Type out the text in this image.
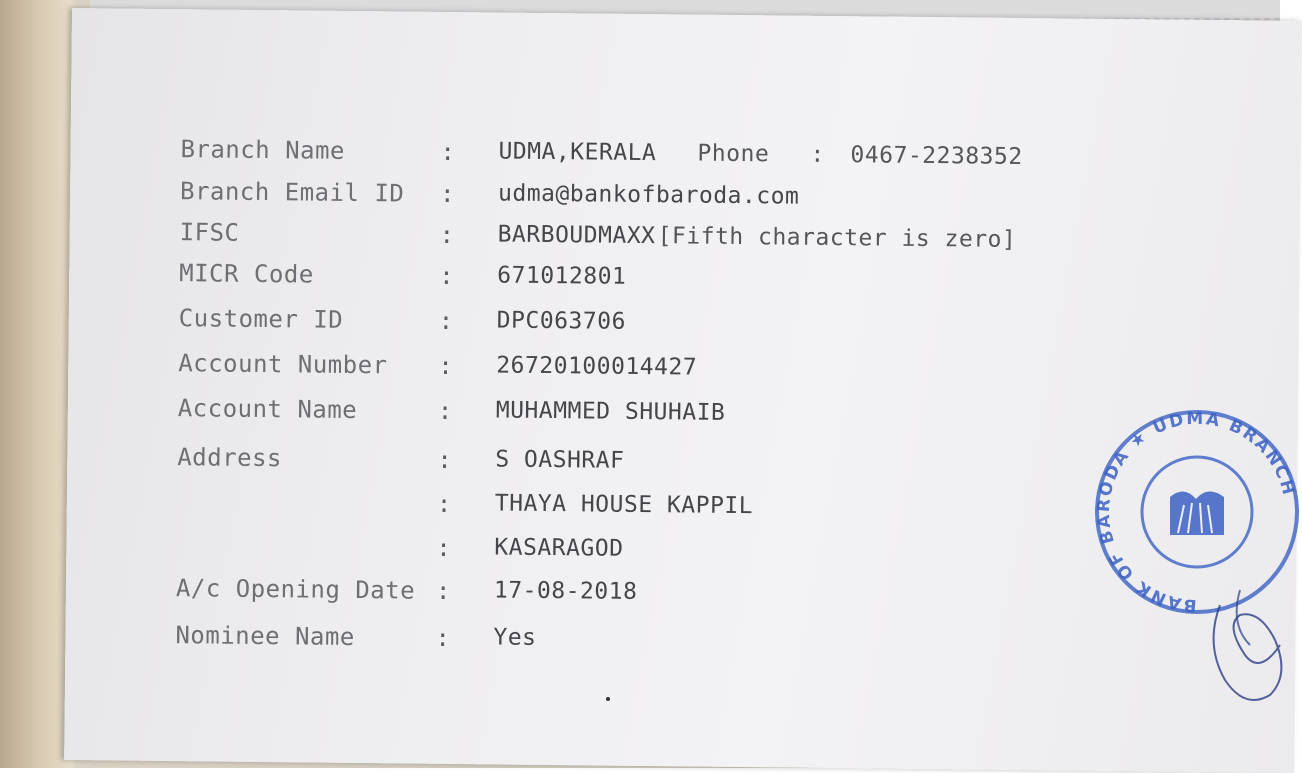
Branch Name	: UDMA,KERALA Phone : 0467-2238352
Branch Email ID : udma@bankofbaroda.com
IFSC	: BARBOUDMAXX [Fifth character is zero]
MICR Code	: 671012801
Customer ID	: DPC063706
Account Number : 26720100014427
Account Name	: MUHAMMED SHUHAIB
Address	: S OASHRAF
: THAYA HOUSE KAPPIL
: KASARAGOD
A/c Opening Date : 17-08-2018
Nominee Name	: Yes
BANK OF BARODA ★ UDMA BRANCH
